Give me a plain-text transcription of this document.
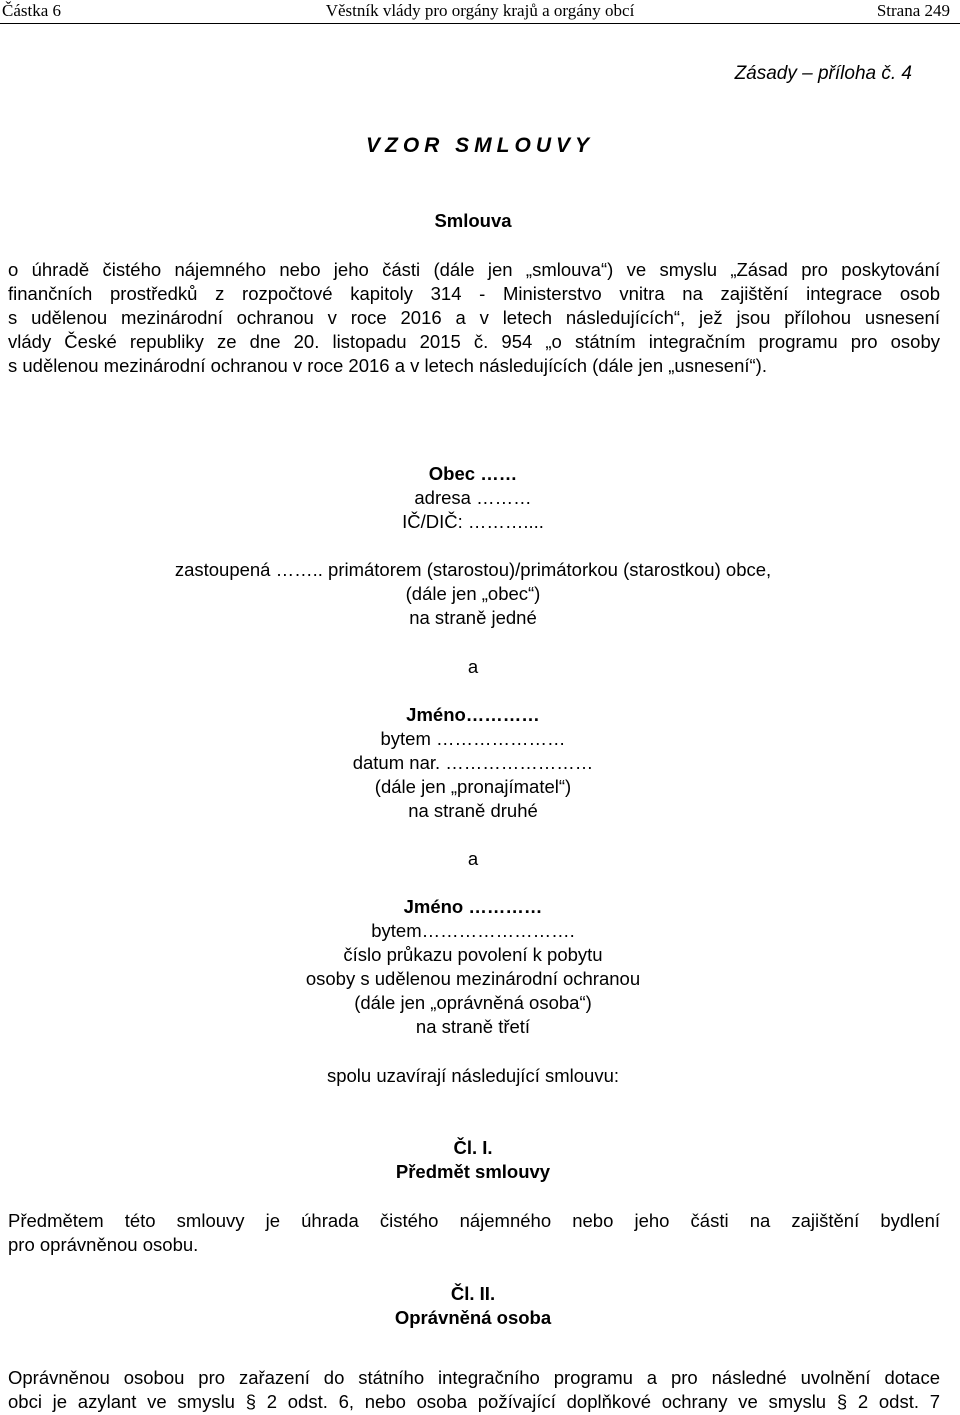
Částka 6	Věstník vlády pro orgány krajů a orgány obcí	Strana 249
Zásady – příloha č. 4
VZOR SMLOUVY
Smlouva
o úhradě čistého nájemného nebo jeho části (dále jen „smlouva“) ve smyslu „Zásad pro poskytování
finančních prostředků z rozpočtové kapitoly 314 - Ministerstvo vnitra na zajištění integrace osob
s udělenou mezinárodní ochranou v roce 2016 a v letech následujících“, jež jsou přílohou usnesení
vlády České republiky ze dne 20. listopadu 2015 č. 954 „o státním integračním programu pro osoby
s udělenou mezinárodní ochranou v roce 2016 a v letech následujících (dále jen „usnesení“).
Obec ……
adresa ………
IČ/DIČ: ………....
zastoupená …….. primátorem (starostou)/primátorkou (starostkou) obce,
(dále jen „obec“)
na straně jedné
a
Jméno…………
bytem …………………
datum nar. ……………………
(dále jen „pronajímatel“)
na straně druhé
a
Jméno …………
bytem…………………….
číslo průkazu povolení k pobytu
osoby s udělenou mezinárodní ochranou
(dále jen „oprávněná osoba“)
na straně třetí
spolu uzavírají následující smlouvu:
Čl. I.
Předmět smlouvy
Předmětem této smlouvy je úhrada čistého nájemného nebo jeho části na zajištění bydlení
pro oprávněnou osobu.
Čl. II.
Oprávněná osoba
Oprávněnou osobou pro zařazení do státního integračního programu a pro následné uvolnění dotace
obci je azylant ve smyslu § 2 odst. 6, nebo osoba požívající doplňkové ochrany ve smyslu § 2 odst. 7
